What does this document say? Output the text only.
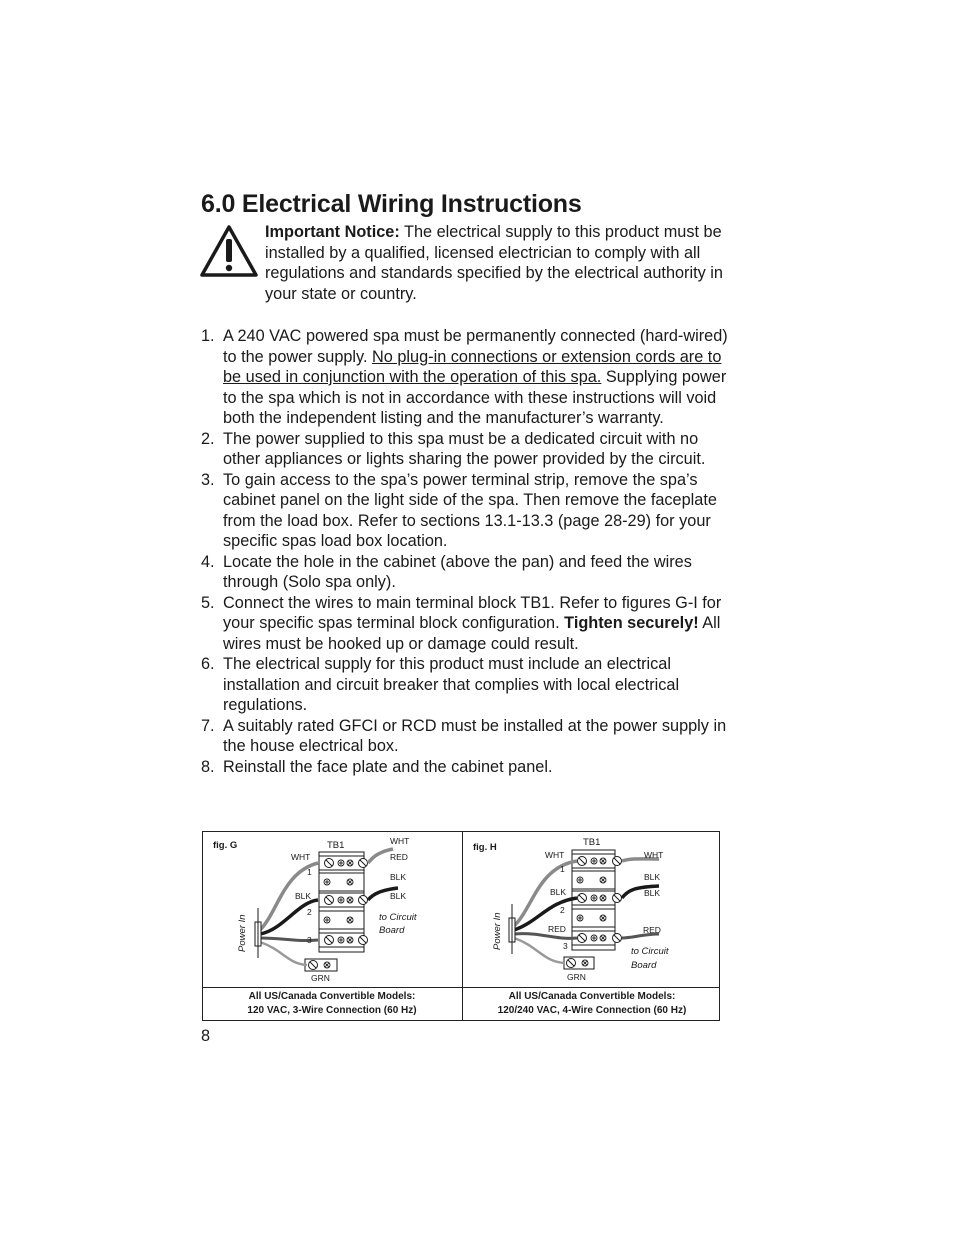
6.0 Electrical Wiring Instructions
Important Notice: The electrical supply to this product must be installed by a qualified, licensed electrician to comply with all regulations and standards specified by the electrical authority in your state or country.
1. A 240 VAC powered spa must be permanently connected (hard-wired) to the power supply. No plug-in connections or extension cords are to be used in conjunction with the operation of this spa. Supplying power to the spa which is not in accordance with these instructions will void both the independent listing and the manufacturer’s warranty.
2. The power supplied to this spa must be a dedicated circuit with no other appliances or lights sharing the power provided by the circuit.
3. To gain access to the spa’s power terminal strip, remove the spa’s cabinet panel on the light side of the spa. Then remove the faceplate from the load box. Refer to sections 13.1-13.3 (page 28-29) for your specific spas load box location.
4. Locate the hole in the cabinet (above the pan) and feed the wires through (Solo spa only).
5. Connect the wires to main terminal block TB1. Refer to figures G-I for your specific spas terminal block configuration. Tighten securely! All wires must be hooked up or damage could result.
6. The electrical supply for this product must include an electrical installation and circuit breaker that complies with local electrical regulations.
7. A suitably rated GFCI or RCD must be installed at the power supply in the house electrical box.
8. Reinstall the face plate and the cabinet panel.
fig. G	TB1
WHT
WHT
RED
BLK
BLK
BLK
GRN
1
2
3
Power In	to Circuit
Board
fig. H	TB1
WHT	WHT
BLK
BLK
BLK
RED	RED
GRN
1
2
3
Power In
to Circuit
Board
All US/Canada Convertible Models:
120 VAC, 3-Wire Connection (60 Hz)
All US/Canada Convertible Models:
120/240 VAC, 4-Wire Connection (60 Hz)
8
